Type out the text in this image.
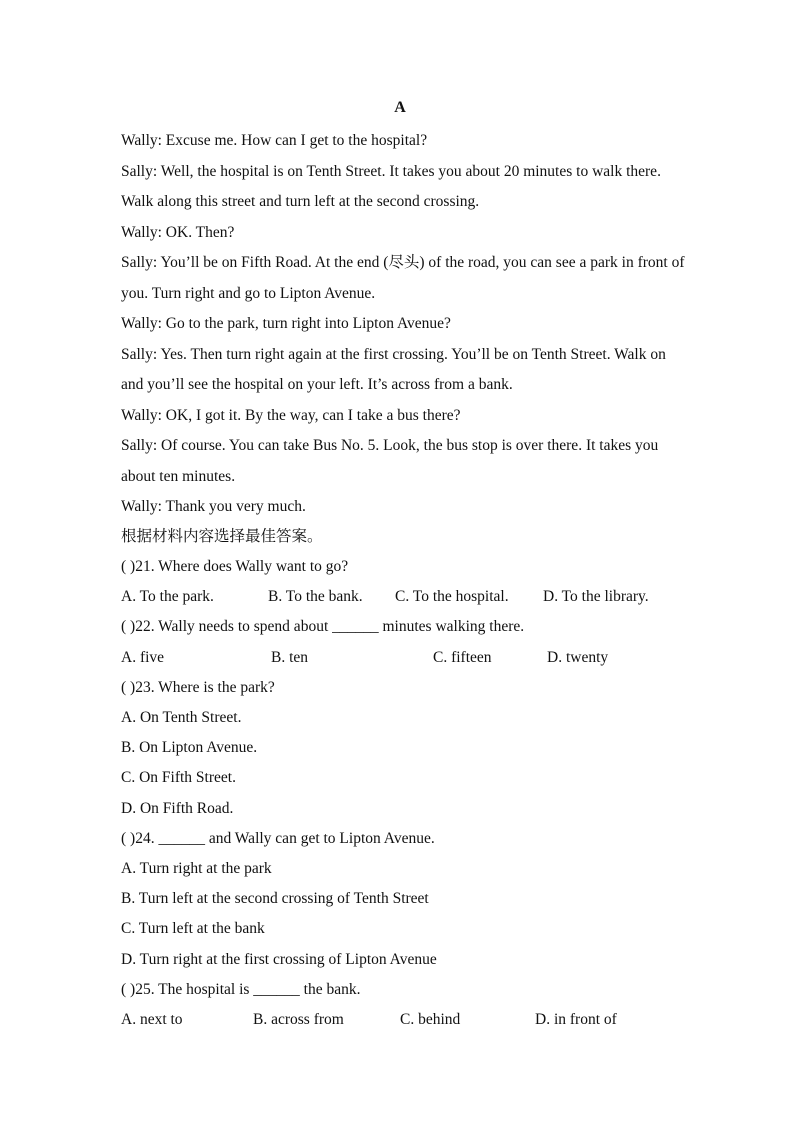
A

Wally: Excuse me. How can I get to the hospital?

Sally: Well, the hospital is on Tenth Street. It takes you about 20 minutes to walk there. Walk along this street and turn left at the second crossing.

Wally: OK. Then?

Sally: You’ll be on Fifth Road. At the end (尽头) of the road, you can see a park in front of you. Turn right and go to Lipton Avenue.

Wally: Go to the park, turn right into Lipton Avenue?

Sally: Yes. Then turn right again at the first crossing. You’ll be on Tenth Street. Walk on and you’ll see the hospital on your left. It’s across from a bank.

Wally: OK, I got it. By the way, can I take a bus there?

Sally: Of course. You can take Bus No. 5. Look, the bus stop is over there. It takes you about ten minutes.

Wally: Thank you very much.

根据材料内容选择最佳答案。

( )21. Where does Wally want to go?

A. To the park.	B. To the bank.	C. To the hospital.	D. To the library.

( )22. Wally needs to spend about ______ minutes walking there.

A. five	B. ten	C. fifteen	D. twenty

( )23. Where is the park?

A. On Tenth Street.

B. On Lipton Avenue.

C. On Fifth Street.

D. On Fifth Road.

( )24. ______ and Wally can get to Lipton Avenue.

A. Turn right at the park

B. Turn left at the second crossing of Tenth Street

C. Turn left at the bank

D. Turn right at the first crossing of Lipton Avenue

( )25. The hospital is ______ the bank.

A. next to	B. across from	C. behind	D. in front of
